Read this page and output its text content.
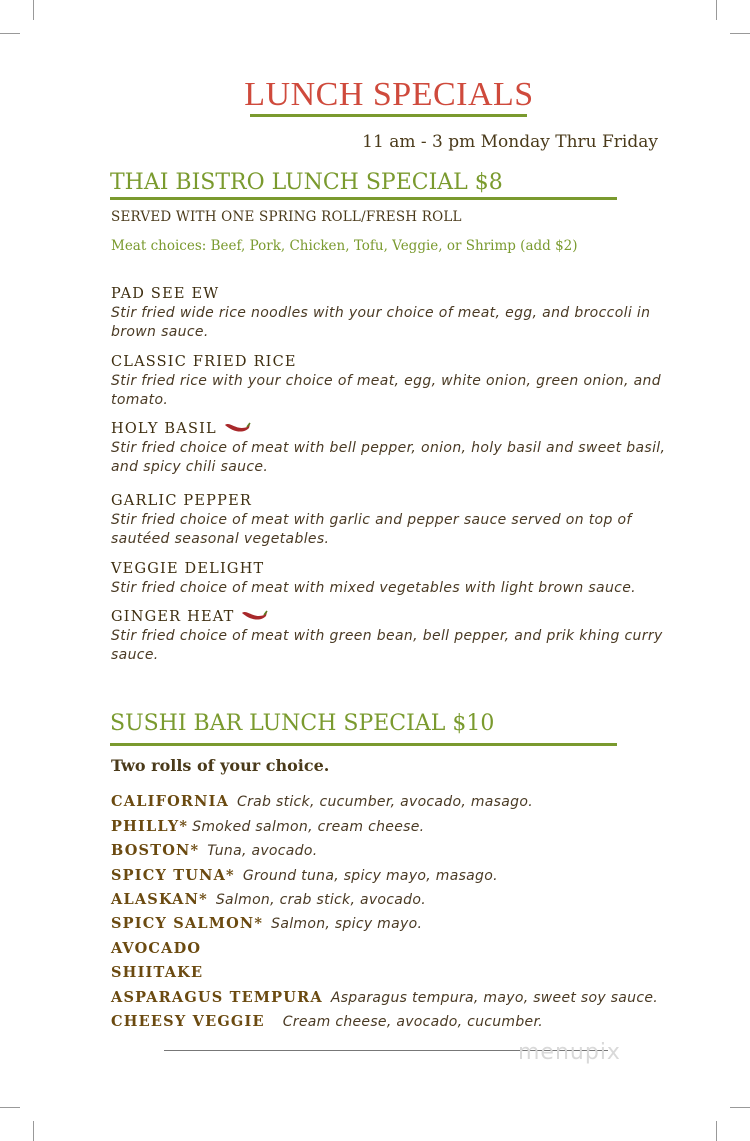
LUNCH SPECIALS
11 am - 3 pm Monday Thru Friday
THAI BISTRO LUNCH SPECIAL $8
SERVED WITH ONE SPRING ROLL/FRESH ROLL
Meat choices: Beef, Pork, Chicken, Tofu, Veggie, or Shrimp (add $2)
PAD SEE EW
Stir fried wide rice noodles with your choice of meat, egg, and broccoli in brown sauce.
CLASSIC FRIED RICE
Stir fried rice with your choice of meat, egg, white onion, green onion, and tomato.
HOLY BASIL
Stir fried choice of meat with bell pepper, onion, holy basil and sweet basil, and spicy chili sauce.
GARLIC PEPPER
Stir fried choice of meat with garlic and pepper sauce served on top of sautéed seasonal vegetables.
VEGGIE DELIGHT
Stir fried choice of meat with mixed vegetables with light brown sauce.
GINGER HEAT
Stir fried choice of meat with green bean, bell pepper, and prik khing curry sauce.
SUSHI BAR LUNCH SPECIAL $10
Two rolls of your choice.
CALIFORNIA Crab stick, cucumber, avocado, masago.
PHILLY* Smoked salmon, cream cheese.
BOSTON* Tuna, avocado.
SPICY TUNA* Ground tuna, spicy mayo, masago.
ALASKAN* Salmon, crab stick, avocado.
SPICY SALMON* Salmon, spicy mayo.
AVOCADO
SHIITAKE
ASPARAGUS TEMPURA Asparagus tempura, mayo, sweet soy sauce.
CHEESY VEGGIE Cream cheese, avocado, cucumber.
menupix
